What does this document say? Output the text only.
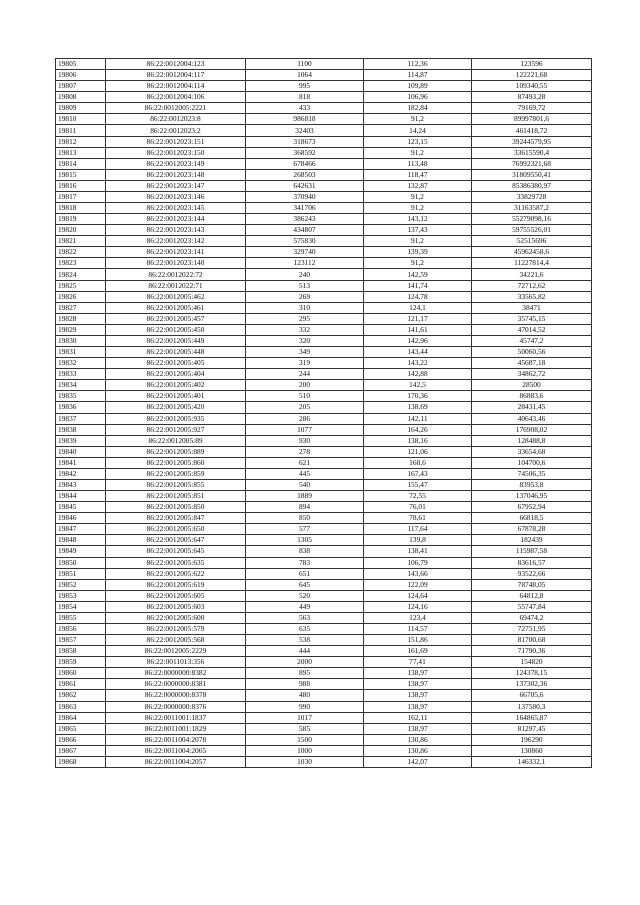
19805	86:22:0012004:123	1100	112,36	123596
19806	86:22:0012004:117	1064	114,87	122221,68
19807	86:22:0012004:114	995	109,89	109340,55
19808	86:22:0012004:106	818	106,96	87493,28
19809	86:22:0012005:2221	433	182,84	79169,72
19810	86:22:0012023:8	986818	91,2	89997801,6
19811	86:22:0012023:2	32403	14,24	461418,72
19812	86:22:0012023:151	318673	123,15	39244579,95
19813	86:22:0012023:150	368592	91,2	33615590,4
19814	86:22:0012023:149	678466	113,48	76992321,68
19815	86:22:0012023:148	268503	118,47	31809550,41
19816	86:22:0012023:147	642631	132,87	85386380,97
19817	86:22:0012023:146	370940	91,2	33829728
19818	86:22:0012023:145	341706	91,2	31163587,2
19819	86:22:0012023:144	386243	143,12	55279098,16
19820	86:22:0012023:143	434807	137,43	59755526,01
19821	86:22:0012023:142	575830	91,2	52515696
19822	86:22:0012023:141	329740	139,39	45962458,6
19823	86:22:0012023:140	123112	91,2	11227814,4
19824	86:22:0012022:72	240	142,59	34221,6
19825	86:22:0012022:71	513	141,74	72712,62
19826	86:22:0012005:462	269	124,78	33565,82
19827	86:22:0012005:461	310	124,1	38471
19828	86:22:0012005:457	295	121,17	35745,15
19829	86:22:0012005:450	332	141,61	47014,52
19830	86:22:0012005:449	320	142,96	45747,2
19831	86:22:0012005:448	349	143,44	50060,56
19832	86:22:0012005:405	319	143,22	45687,18
19833	86:22:0012005:404	244	142,88	34862,72
19834	86:22:0012005:402	200	142,5	28500
19835	86:22:0012005:401	510	170,36	86883,6
19836	86:22:0012005:420	205	138,69	28431,45
19837	86:22:0012005:935	286	142,11	40643,46
19838	86:22:0012005:927	1077	164,26	176908,02
19839	86:22:0012005:89	930	138,16	128488,8
19840	86:22:0012005:889	278	121,06	33654,68
19841	86:22:0012005:860	621	168,6	104700,6
19842	86:22:0012005:859	445	167,43	74506,35
19843	86:22:0012005:855	540	155,47	83953,8
19844	86:22:0012005:851	1889	72,55	137046,95
19845	86:22:0012005:850	894	76,01	67952,94
19846	86:22:0012005:847	850	78,61	66818,5
19847	86:22:0012005:650	577	117,64	67878,28
19848	86:22:0012005:647	1305	139,8	182439
19849	86:22:0012005:645	838	138,41	115987,58
19850	86:22:0012005:635	783	106,79	83616,57
19851	86:22:0012005:622	651	143,66	93522,66
19852	86:22:0012005:619	645	122,09	78748,05
19853	86:22:0012005:605	520	124,64	64812,8
19854	86:22:0012005:603	449	124,16	55747,84
19855	86:22:0012005:600	563	123,4	69474,2
19856	86:22:0012005:579	635	114,57	72751,95
19857	86:22:0012005:568	538	151,86	81700,68
19858	86:22:0012005:2229	444	161,69	71790,36
19859	86:22:0011013:356	2000	77,41	154820
19860	86:22:0000000:8382	895	138,97	124378,15
19861	86:22:0000000:8381	988	138,97	137302,36
19862	86:22:0000000:8378	480	138,97	66705,6
19863	86:22:0000000:8376	990	138,97	137580,3
19864	86:22:0011001:1837	1017	162,11	164865,87
19865	86:22:0011001:1829	585	138,97	81297,45
19866	86:22:0011004:2078	1500	130,86	196290
19867	86:22:0011004:2065	1000	130,86	130860
19868	86:22:0011004:2057	1030	142,07	146332,1
